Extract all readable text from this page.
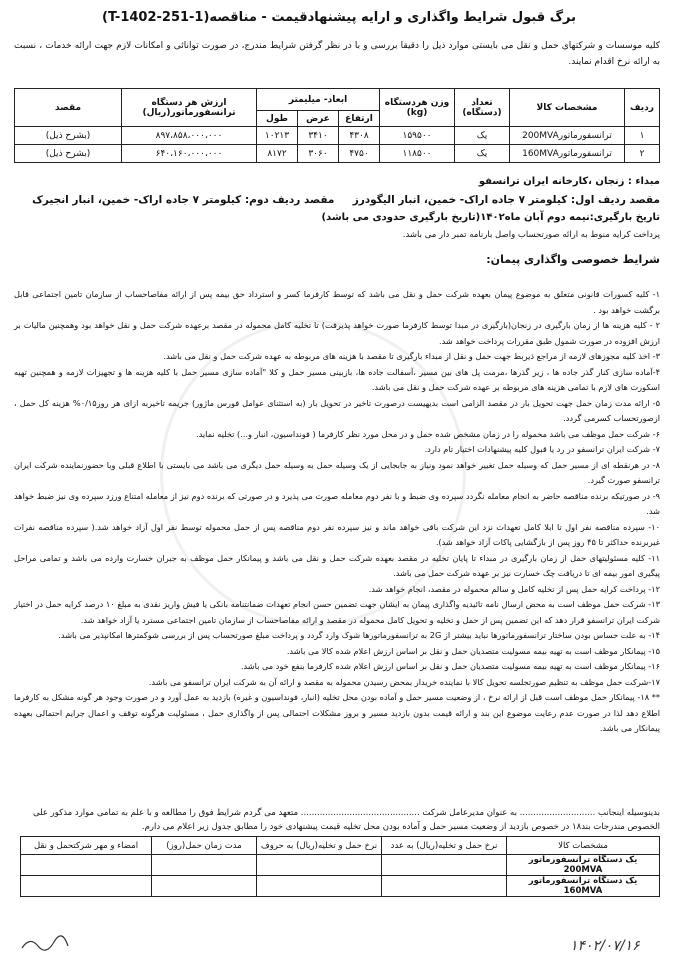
برگ قبول شرایط واگذاری و ارایه پیشنهادقیمت - مناقصه(T-1402-251-1)
کلیه موسسات و شرکتهای حمل و نقل می بایستی موارد ذیل را دقیقا بررسی و با در نظر گرفتن شرایط مندرج، در صورت توانائی و امکانات لازم جهت ارائه خدمات ، نسبت به ارائه نرخ اقدام نمایند.
ردیف	مشخصات کالا	تعداد (دستگاه)	وزن هردستگاه (kg)	ابعاد- میلیمتر			ارزش هر دستگاه ترانسفورماتور(ریال)	مقصد
				ارتفاع	عرض	طول		
۱	ترانسفورماتور200MVA	یک	۱۵۹۵۰۰	۴۳۰۸	۳۴۱۰	۱۰۲۱۳	۸۹۷،۸۵۸،۰۰۰،۰۰۰	(بشرح ذیل)
۲	ترانسفورماتور160MVA	یک	۱۱۸۵۰۰	۴۷۵۰	۳۰۶۰	۸۱۷۲	۶۴۰،۱۶۰،۰۰۰،۰۰۰	(بشرح ذیل)
مبداء : زنجان ،کارخانه ایران ترانسفو
مقصد ردیف اول: کیلومتر ۷ جاده اراک- خمین، انبار الیگودرز     مقصد ردیف دوم: کیلومتر ۷ جاده اراک- خمین، انبار انجیرک
تاریخ بارگیری:نیمه دوم آبان ماه۱۴۰۲(تاریخ بارگیری حدودی می باشد)
پرداخت کرایه منوط به ارائه صورتحساب واصل بارنامه تمبر دار می باشد.
شرایط خصوصی واگذاری پیمان:

۱- کلیه کسورات قانونی متعلق به موضوع پیمان بعهده شرکت حمل و نقل می باشد که توسط کارفرما کسر و استرداد حق بیمه پس از ارائه مفاصاحساب از سازمان تامین اجتماعی قابل برگشت خواهد بود .

۲ - کلیه هزینه ها از زمان بارگیری در زنجان(بارگیری در مبدا توسط کارفرما صورت خواهد پذیرفت) تا تخلیه کامل محموله در مقصد برعهده شرکت حمل و نقل خواهد بود وهمچنین مالیات بر ارزش افزوده در صورت شمول طبق مقررات پرداخت خواهد شد.

۳- اخذ کلیه مجوزهای لازمه از مراجع ذیربط جهت حمل و نقل از مبداء بارگیری تا مقصد با هزینه های مربوطه به عهده شرکت حمل و نقل می باشد.

۴-آماده سازی کنار گذر جاده ها ، زیر گذرها ،مرمت پل های بین مسیر ،آسفالت جاده ها، بازبینی مسیر حمل و کلا "آماده سازی مسیر حمل با کلیه هزینه ها و تجهیزات لازمه و همچنین تهیه اسکورت های لازم با تمامی هزینه های مربوطه بر عهده شرکت حمل و نقل می باشد.

۵- ارائه مدت زمان حمل جهت تحویل بار در مقصد الزامی است بدیهیست درصورت تاخیر در تحویل بار (به استثنای عوامل فورس ماژور) جریمه تاخیربه ازای هر روز۰/۱۵% هزینه کل حمل ، ازصورتحساب کسرمی گردد.

۶- شرکت حمل موظف می باشد محموله را در زمان مشخص شده حمل و در محل مورد نظر کارفرما ( فونداسیون، انبار و...) تخلیه نماید.

۷- شرکت ایران ترانسفو در رد یا قبول کلیه پیشنهادات اختیار تام دارد.

۸- در هرنقطه ای از مسیر حمل که وسیله حمل تغییر خواهد نمود ونیاز به جابجایی از یک وسیله حمل به وسیله حمل دیگری می باشد می بایستی با اطلاع قبلی وبا حضورنماینده شرکت ایران ترانسفو صورت گیرد.

۹- در صورتیکه برنده مناقصه حاضر به انجام معامله نگردد سپرده وی ضبط و با نفر دوم معامله صورت می پذیرد و در صورتی که برنده دوم نیز از معامله امتناع ورزد سپرده وی نیز ضبط خواهد شد.

۱۰- سپرده مناقصه نفر اول تا ابلا کامل تعهدات نزد این شرکت باقی خواهد ماند و نیز سپرده نفر دوم مناقصه پس از حمل محموله توسط نفر اول آزاد خواهد شد.( سپرده مناقصه نفرات غیربرنده حداکثر تا ۴۵ روز پس از بازگشایی پاکات آزاد خواهد شد).

۱۱- کلیه مسئولیتهای حمل از زمان بارگیری در مبداء تا پایان تخلیه در مقصد بعهده شرکت حمل و نقل می باشد و پیمانکار حمل موظف به جبران خسارت وارده می باشد و تمامی مراحل پیگیری امور بیمه ای تا دریافت چک خسارت نیز بر عهده شرکت حمل می باشد.

۱۲- پرداخت کرایه حمل پس از تخلیه کامل و سالم محموله در مقصد، انجام خواهد شد.

۱۳- شرکت حمل موظف است به محض ارسال نامه تائیدیه واگذاری پیمان به ایشان جهت تضمین حسن انجام تعهدات ضمانتنامه بانکی یا فیش واریز نقدی به مبلغ ۱۰ درصد کرایه حمل در اختیار شرکت ایران ترانسفو قرار دهد که این تضمین پس از حمل و تخلیه و تحویل کامل محموله در مقصد و ارائه مفاصاحساب از سازمان تامین اجتماعی مسترد یا آزاد خواهد شد.

۱۴- به علت حساس بودن ساختار ترانسفورماتورها نباید بیشتر از 2G به ترانسفورماتورها شوک وارد گردد و پرداخت مبلغ صورتحساب پس از بررسی شوکمترها امکانپذیر می باشد.

۱۵- پیمانکار موظف است به تهیه بیمه مسولیت متصدیان حمل و نقل بر اساس ارزش اعلام شده کالا می باشد.

۱۶- پیمانکار موظف است به تهیه بیمه مسولیت متصدیان حمل و نقل بر اساس ارزش اعلام شده کارفرما بنفع خود می باشد.

۱۷-شرکت حمل موظف به تنظیم صورتجلسه تحویل کالا با نماینده خریدار بمحض رسیدن محموله به مقصد و ارائه آن به شرکت ایران ترانسفو می باشد.

** ۱۸- پیمانکار حمل موظف است قبل از ارائه نرخ ، از وضعیت مسیر حمل و آماده بودن محل تخلیه (انبار، فونداسیون و غیره) بازدید به عمل آورد و در صورت وجود هر گونه مشکل به کارفرما اطلاع دهد لذا در صورت عدم رعایت موضوع این بند و ارائه قیمت بدون بازدید مسیر و بروز مشکلات احتمالی پس از واگذاری حمل ، مسئولیت هرگونه توقف و اعمال جرایم احتمالی بعهده پیمانکار می باشد.

بدینوسیله اینجانب ............................ به عنوان مدیرعامل شرکت ............................................ متعهد می گردم شرایط فوق را مطالعه و با علم به تمامی موارد مذکور علی الخصوص مندرجات بند۱۸ در خصوص بازدید از وضعیت مسیر حمل و آماده بودن محل تخلیه قیمت پیشنهادی خود را مطابق جدول زیر اعلام می دارم.
مشخصات کالا	نرخ حمل و تخلیه(ریال) به عدد	نرخ حمل و تخلیه(ریال) به حروف	مدت زمان حمل(روز)	امضاء و مهر شرکتحمل و نقل
یک دستگاه ترانسفورماتور 200MVA				
یک دستگاه ترانسفورماتور 160MVA				
۱۴۰۲/۰۷/۱۶
